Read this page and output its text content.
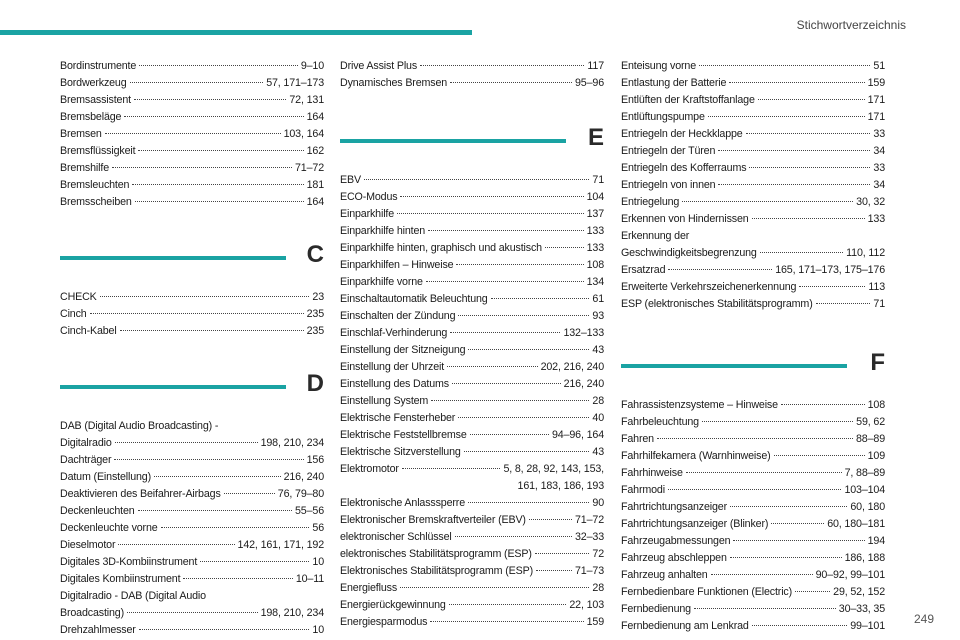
Stichwortverzeichnis
Bordinstrumente	9–10
Bordwerkzeug	57, 171–173
Bremsassistent	72, 131
Bremsbeläge	164
Bremsen	103, 164
Bremsflüssigkeit	162
Bremshilfe	71–72
Bremsleuchten	181
Bremsscheiben	164
C
CHECK	23
Cinch	235
Cinch-Kabel	235
D
DAB (Digital Audio Broadcasting) -
Digitalradio	198, 210, 234
Dachträger	156
Datum (Einstellung)	216, 240
Deaktivieren des Beifahrer-Airbags	76, 79–80
Deckenleuchten	55–56
Deckenleuchte vorne	56
Dieselmotor	142, 161, 171, 192
Digitales 3D-Kombiinstrument	10
Digitales Kombiinstrument	10–11
Digitalradio - DAB (Digital Audio
Broadcasting)	198, 210, 234
Drehzahlmesser	10
Drive Assist Plus	117
Dynamisches Bremsen	95–96
E
EBV	71
ECO-Modus	104
Einparkhilfe	137
Einparkhilfe hinten	133
Einparkhilfe hinten, graphisch und akustisch	133
Einparkhilfen – Hinweise	108
Einparkhilfe vorne	134
Einschaltautomatik Beleuchtung	61
Einschalten der Zündung	93
Einschlaf-Verhinderung	132–133
Einstellung der Sitzneigung	43
Einstellung der Uhrzeit	202, 216, 240
Einstellung des Datums	216, 240
Einstellung System	28
Elektrische Fensterheber	40
Elektrische Feststellbremse	94–96, 164
Elektrische Sitzverstellung	43
Elektromotor	5, 8, 28, 92, 143, 153,
161, 183, 186, 193
Elektronische Anlasssperre	90
Elektronischer Bremskraftverteiler (EBV)	71–72
elektronischer Schlüssel	32–33
elektronisches Stabilitätsprogramm (ESP)	72
Elektronisches Stabilitätsprogramm (ESP)	71–73
Energiefluss	28
Energierückgewinnung	22, 103
Energiesparmodus	159
Enteisung vorne	51
Entlastung der Batterie	159
Entlüften der Kraftstoffanlage	171
Entlüftungspumpe	171
Entriegeln der Heckklappe	33
Entriegeln der Türen	34
Entriegeln des Kofferraums	33
Entriegeln von innen	34
Entriegelung	30, 32
Erkennen von Hindernissen	133
Erkennung der
Geschwindigkeitsbegrenzung	110, 112
Ersatzrad	165, 171–173, 175–176
Erweiterte Verkehrszeichenerkennung	113
ESP (elektronisches Stabilitätsprogramm)	71
F
Fahrassistenzsysteme – Hinweise	108
Fahrbeleuchtung	59, 62
Fahren	88–89
Fahrhilfekamera (Warnhinweise)	109
Fahrhinweise	7, 88–89
Fahrmodi	103–104
Fahrtrichtungsanzeiger	60, 180
Fahrtrichtungsanzeiger (Blinker)	60, 180–181
Fahrzeugabmessungen	194
Fahrzeug abschleppen	186, 188
Fahrzeug anhalten	90–92, 99–101
Fernbedienbare Funktionen (Electric)	29, 52, 152
Fernbedienung	30–33, 35
Fernbedienung am Lenkrad	99–101 249
